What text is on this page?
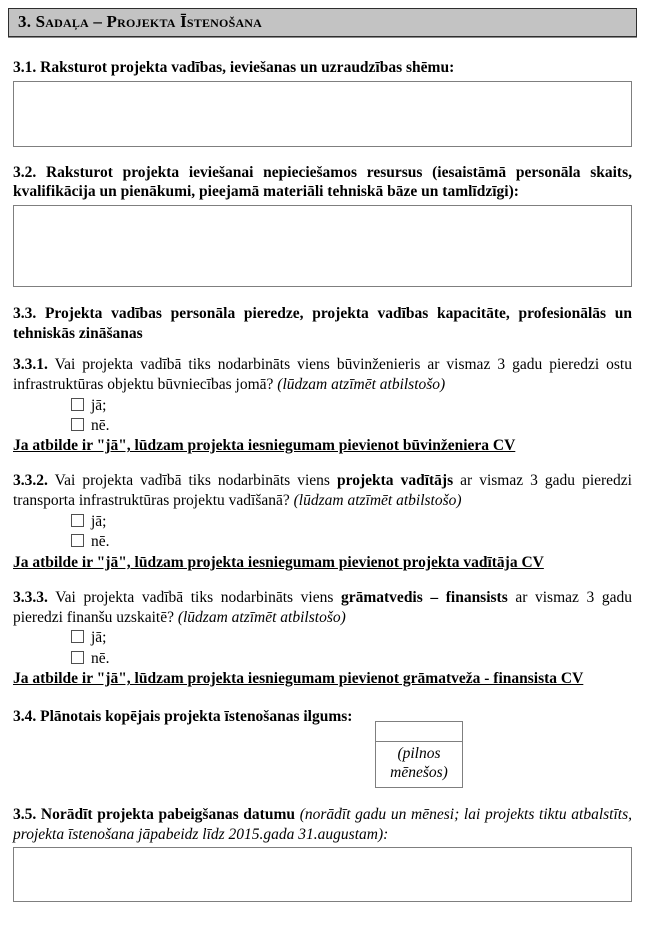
3. Sadaļa – Projekta Īstenošana

3.1. Raksturot projekta vadības, ieviešanas un uzraudzības shēmu:

3.2. Raksturot projekta ieviešanai nepieciešamos resursus (iesaistāmā personāla skaits, kvalifikācija un pienākumi, pieejamā materiāli tehniskā bāze un tamlīdzīgi):

3.3. Projekta vadības personāla pieredze, projekta vadības kapacitāte, profesionālās un tehniskās zināšanas

3.3.1. Vai projekta vadībā tiks nodarbināts viens būvinženieris ar vismaz 3 gadu pieredzi ostu infrastruktūras objektu būvniecības jomā? (lūdzam atzīmēt atbilstošo)

jā;
nē.

Ja atbilde ir "jā", lūdzam projekta iesniegumam pievienot būvinženiera CV

3.3.2. Vai projekta vadībā tiks nodarbināts viens projekta vadītājs ar vismaz 3 gadu pieredzi transporta infrastruktūras projektu vadīšanā? (lūdzam atzīmēt atbilstošo)

jā;
nē.

Ja atbilde ir "jā", lūdzam projekta iesniegumam pievienot projekta vadītāja CV

3.3.3. Vai projekta vadībā tiks nodarbināts viens grāmatvedis – finansists ar vismaz 3 gadu pieredzi finanšu uzskaitē? (lūdzam atzīmēt atbilstošo)

jā;
nē.

Ja atbilde ir "jā", lūdzam projekta iesniegumam pievienot grāmatveža - finansista CV

3.4. Plānotais kopējais projekta īstenošanas ilgums:

(pilnos mēnešos)

3.5. Norādīt projekta pabeigšanas datumu (norādīt gadu un mēnesi; lai projekts tiktu atbalstīts, projekta īstenošana jāpabeidz līdz 2015.gada 31.augustam):
